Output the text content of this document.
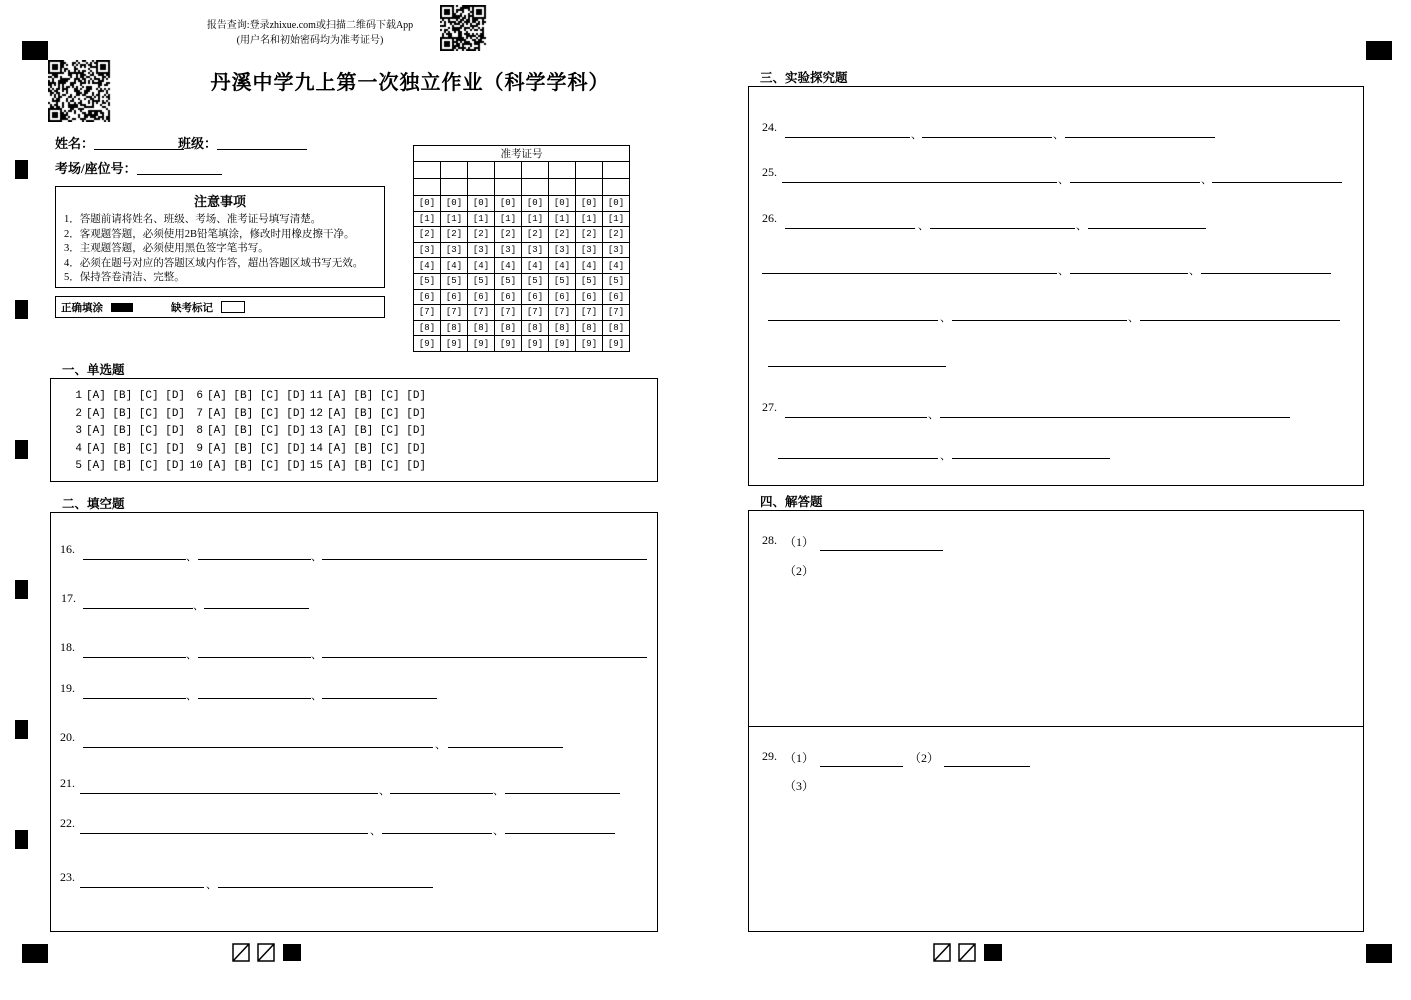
报告查询:登录zhixue.com或扫描二维码下载App
(用户名和初始密码均为准考证号)
丹溪中学九上第一次独立作业（科学学科）
姓名：	班级：
考场/座位号：
注意事项
1．答题前请将姓名、班级、考场、准考证号填写清楚。
2．客观题答题，必须使用2B铅笔填涂，修改时用橡皮擦干净。
3．主观题答题，必须使用黑色签字笔书写。
4．必须在题号对应的答题区域内作答，超出答题区域书写无效。
5．保持答卷清洁、完整。
正确填涂	缺考标记
准考证号							

[0]	[0]	[0]	[0]	[0]	[0]	[0]	[0]
[1]	[1]	[1]	[1]	[1]	[1]	[1]	[1]
[2]	[2]	[2]	[2]	[2]	[2]	[2]	[2]
[3]	[3]	[3]	[3]	[3]	[3]	[3]	[3]
[4]	[4]	[4]	[4]	[4]	[4]	[4]	[4]
[5]	[5]	[5]	[5]	[5]	[5]	[5]	[5]
[6]	[6]	[6]	[6]	[6]	[6]	[6]	[6]
[7]	[7]	[7]	[7]	[7]	[7]	[7]	[7]
[8]	[8]	[8]	[8]	[8]	[8]	[8]	[8]
[9]	[9]	[9]	[9]	[9]	[9]	[9]	[9]
一、单选题
1 [A] [B] [C] [D]
2 [A] [B] [C] [D]
3 [A] [B] [C] [D]
4 [A] [B] [C] [D]
5 [A] [B] [C] [D]
6 [A] [B] [C] [D]
7 [A] [B] [C] [D]
8 [A] [B] [C] [D]
9 [A] [B] [C] [D]
10 [A] [B] [C] [D]
11 [A] [B] [C] [D]
12 [A] [B] [C] [D]
13 [A] [B] [C] [D]
14 [A] [B] [C] [D]
15 [A] [B] [C] [D]
二、填空题
16.
、	、
17.
、
18.
、	、
19.
、	、
20.
、
21.
、	、
22.
、	、
23.
、
三、实验探究题
24.
、	、
25.
、	、
26.
、	、
、	、
、	、
27.
、
、
四、解答题
28. （1）
（2）
29. （1）	（2）
（3）
